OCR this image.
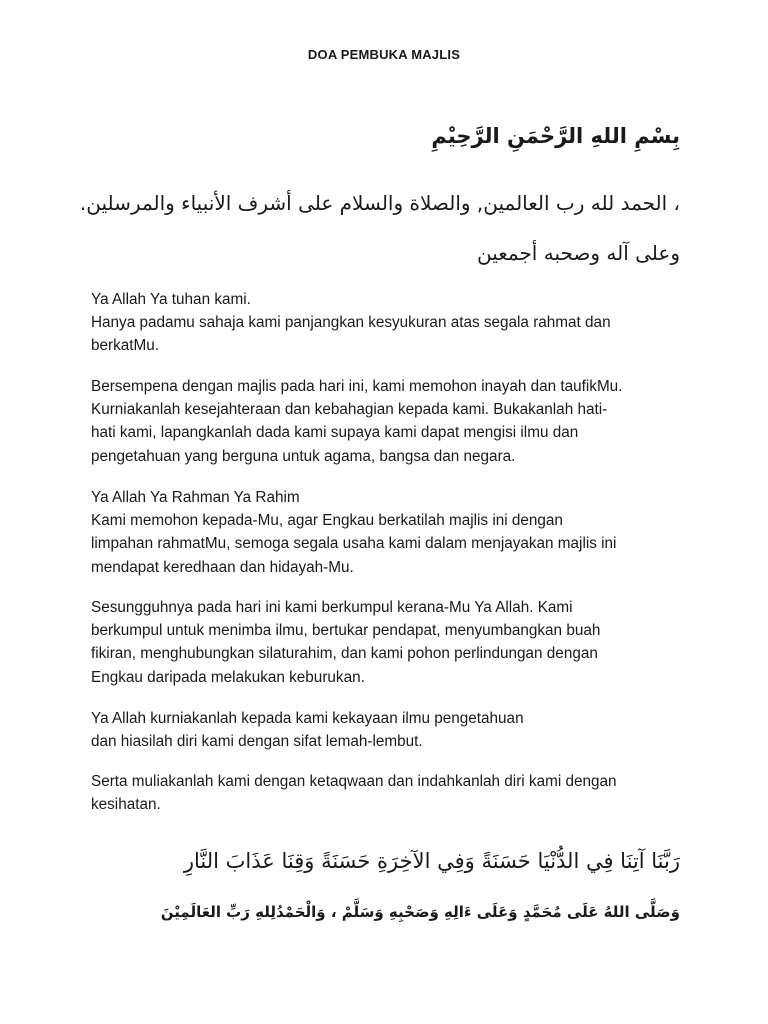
DOA PEMBUKA MAJLIS
بِسْمِ اللهِ الرَّحْمَنِ الرَّحِيْمِ
، الحمد لله رب العالمين, والصلاة والسلام على أشرف الأنبياء والمرسلين.
وعلى آله وصحبه أجمعين
Ya Allah Ya tuhan kami.
Hanya padamu sahaja kami panjangkan kesyukuran atas segala rahmat dan
berkatMu.
Bersempena dengan majlis pada hari ini, kami memohon inayah dan taufikMu.
Kurniakanlah kesejahteraan dan kebahagian kepada kami. Bukakanlah hati-
hati kami, lapangkanlah dada kami supaya kami dapat mengisi ilmu dan
pengetahuan yang berguna untuk agama, bangsa dan negara.
Ya Allah Ya Rahman Ya Rahim
Kami memohon kepada-Mu, agar Engkau berkatilah majlis ini dengan
limpahan rahmatMu, semoga segala usaha kami dalam menjayakan majlis ini
mendapat keredhaan dan hidayah-Mu.
Sesungguhnya pada hari ini kami berkumpul kerana-Mu Ya Allah. Kami
berkumpul untuk menimba ilmu, bertukar pendapat, menyumbangkan buah
fikiran, menghubungkan silaturahim, dan kami pohon perlindungan dengan
Engkau daripada melakukan keburukan.
Ya Allah kurniakanlah kepada kami kekayaan ilmu pengetahuan
dan hiasilah diri kami dengan sifat lemah-lembut.
Serta muliakanlah kami dengan ketaqwaan dan indahkanlah diri kami dengan
kesihatan.
رَبَّنَا آتِنَا فِي الدُّنْيَا حَسَنَةً وَفِي الآخِرَةِ حَسَنَةً وَقِنَا عَذَابَ النَّارِ
وَصَلَّى اللهُ عَلَى مُحَمَّدٍ وَعَلَى ءَالِهِ وَصَحْبِهِ وَسَلَّمْ ، وَالْحَمْدُلِلهِ رَبِّ العَالَمِيْنَ
